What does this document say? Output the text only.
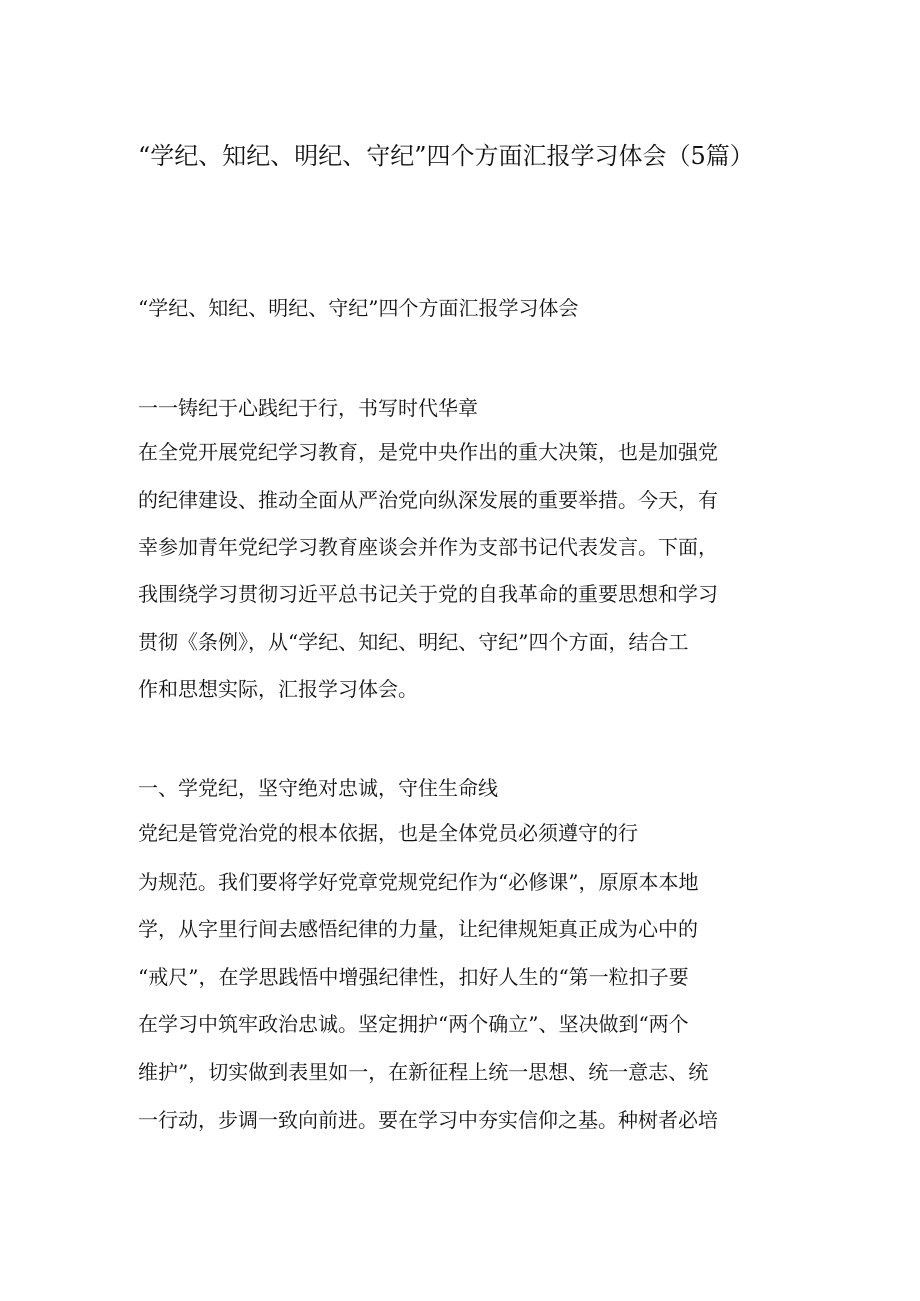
“学纪、知纪、明纪、守纪”四个方面汇报学习体会（5篇）

“学纪、知纪、明纪、守纪”四个方面汇报学习体会

一一铸纪于心践纪于行，书写时代华章

在全党开展党纪学习教育，是党中央作出的重大决策，也是加强党

的纪律建设、推动全面从严治党向纵深发展的重要举措。今天，有

幸参加青年党纪学习教育座谈会并作为支部书记代表发言。下面，

我围绕学习贯彻习近平总书记关于党的自我革命的重要思想和学习

贯彻《条例》，从“学纪、知纪、明纪、守纪”四个方面，结合工

作和思想实际，汇报学习体会。

一、学党纪，坚守绝对忠诚，守住生命线

党纪是管党治党的根本依据，也是全体党员必须遵守的行

为规范。我们要将学好党章党规党纪作为“必修课”，原原本本地

学，从字里行间去感悟纪律的力量，让纪律规矩真正成为心中的

“戒尺”，在学思践悟中增强纪律性，扣好人生的“第一粒扣子要

在学习中筑牢政治忠诚。坚定拥护“两个确立”、坚决做到“两个

维护”，切实做到表里如一，在新征程上统一思想、统一意志、统

一行动，步调一致向前进。要在学习中夯实信仰之基。种树者必培
